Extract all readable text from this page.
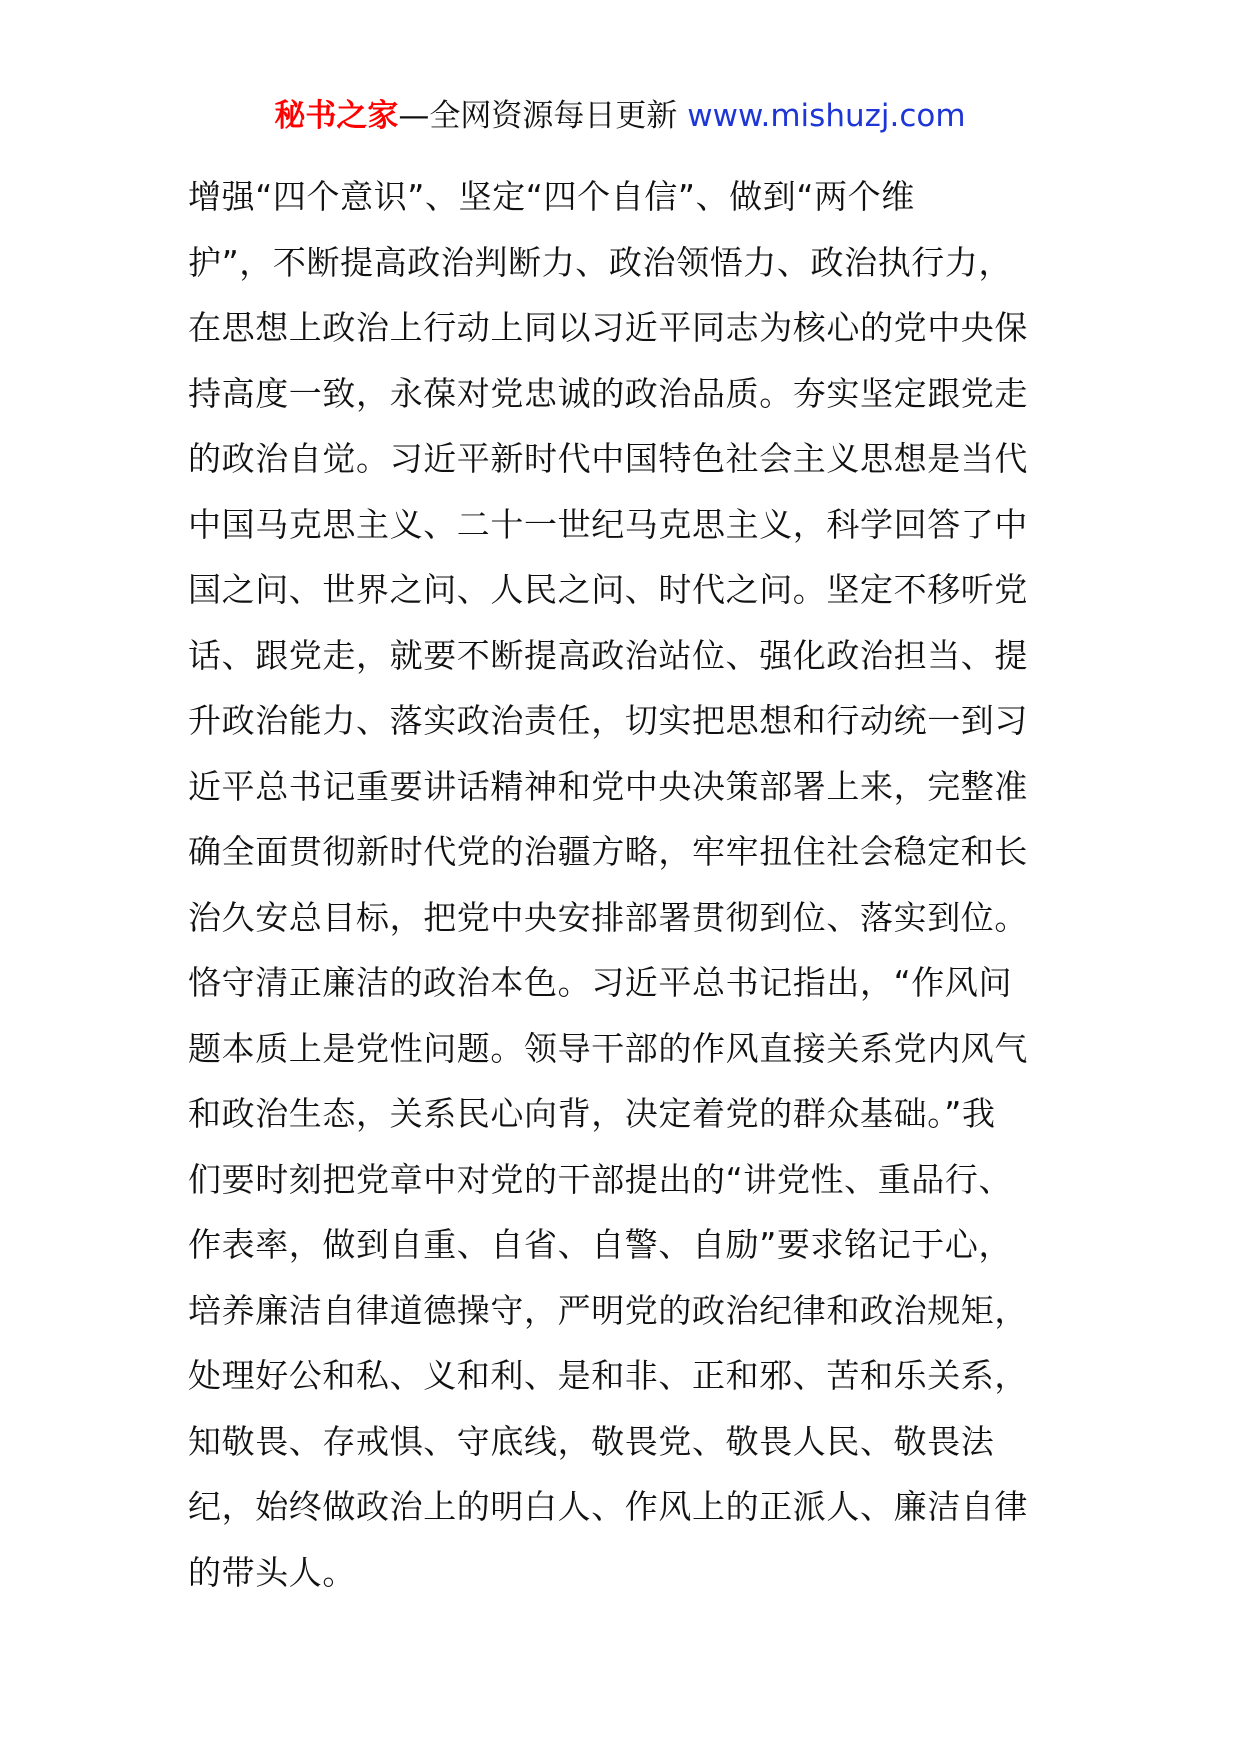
秘书之家—全网资源每日更新 www.mishuzj.com
增强“四个意识”、坚定“四个自信”、做到“两个维
护”，不断提高政治判断力、政治领悟力、政治执行力，
在思想上政治上行动上同以习近平同志为核心的党中央保
持高度一致，永葆对党忠诚的政治品质。夯实坚定跟党走
的政治自觉。习近平新时代中国特色社会主义思想是当代
中国马克思主义、二十一世纪马克思主义，科学回答了中
国之问、世界之问、人民之问、时代之问。坚定不移听党
话、跟党走，就要不断提高政治站位、强化政治担当、提
升政治能力、落实政治责任，切实把思想和行动统一到习
近平总书记重要讲话精神和党中央决策部署上来，完整准
确全面贯彻新时代党的治疆方略，牢牢扭住社会稳定和长
治久安总目标，把党中央安排部署贯彻到位、落实到位。
恪守清正廉洁的政治本色。习近平总书记指出，“作风问
题本质上是党性问题。领导干部的作风直接关系党内风气
和政治生态，关系民心向背，决定着党的群众基础。”我
们要时刻把党章中对党的干部提出的“讲党性、重品行、
作表率，做到自重、自省、自警、自励”要求铭记于心，
培养廉洁自律道德操守，严明党的政治纪律和政治规矩，
处理好公和私、义和利、是和非、正和邪、苦和乐关系，
知敬畏、存戒惧、守底线，敬畏党、敬畏人民、敬畏法
纪，始终做政治上的明白人、作风上的正派人、廉洁自律
的带头人。
